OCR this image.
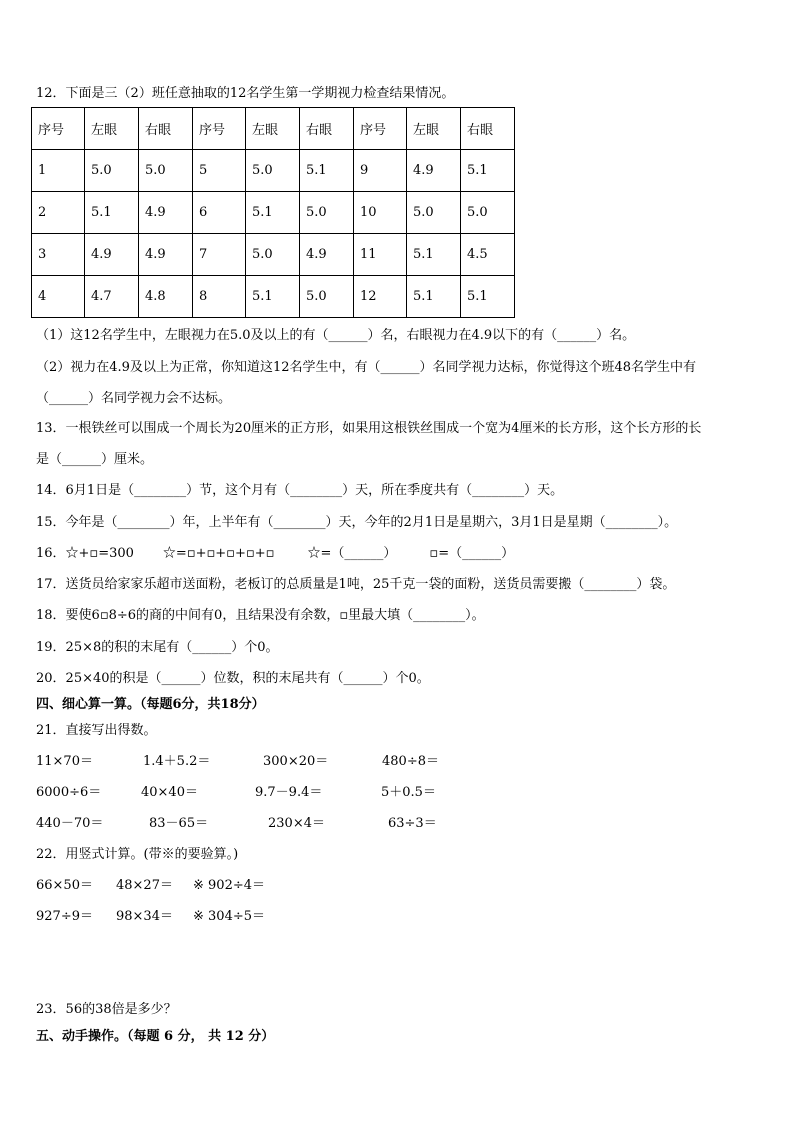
12．下面是三（2）班任意抽取的12名学生第一学期视力检查结果情况。
序号	左眼	右眼	序号	左眼	右眼	序号	左眼	右眼
1	5.0	5.0	5	5.0	5.1	9	4.9	5.1
2	5.1	4.9	6	5.1	5.0	10	5.0	5.0
3	4.9	4.9	7	5.0	4.9	11	5.1	4.5
4	4.7	4.8	8	5.1	5.0	12	5.1	5.1
（1）这12名学生中，左眼视力在5.0及以上的有（______）名，右眼视力在4.9以下的有（______）名。
（2）视力在4.9及以上为正常，你知道这12名学生中，有（______）名同学视力达标，你觉得这个班48名学生中有
（______）名同学视力会不达标。
13．一根铁丝可以围成一个周长为20厘米的正方形，如果用这根铁丝围成一个宽为4厘米的长方形，这个长方形的长
是（______）厘米。
14．6月1日是（________）节，这个月有（________）天，所在季度共有（________）天。
15．今年是（________）年，上半年有（________）天，今年的2月1日是星期六，3月1日是星期（________）。
16．☆+▫=300       ☆=▫+▫+▫+▫+▫        ☆=（______）        ▫=（______）
17．送货员给家家乐超市送面粉，老板订的总质量是1吨，25千克一袋的面粉，送货员需要搬（________）袋。
18．要使6▫8÷6的商的中间有0，且结果没有余数，▫里最大填（________）。
19．25×8的积的末尾有（______）个0。
20．25×40的积是（______）位数，积的末尾共有（______）个0。
四、细心算一算。（每题6分，共18分）
21．直接写出得数。

11×70＝

	1.4＋5.2＝

	300×20＝

	480÷8＝

6000÷6＝

	40×40＝

	9.7－9.4＝

	5＋0.5＝

440－70＝

	83－65＝

	230×4＝

	63÷3＝

22．用竖式计算。(带※的要验算。)

66×50＝

48×27＝

※ 902÷4＝

927÷9＝

98×34＝

※ 304÷5＝

23．56的38倍是多少？
五、动手操作。（每题 6 分， 共 12 分）
